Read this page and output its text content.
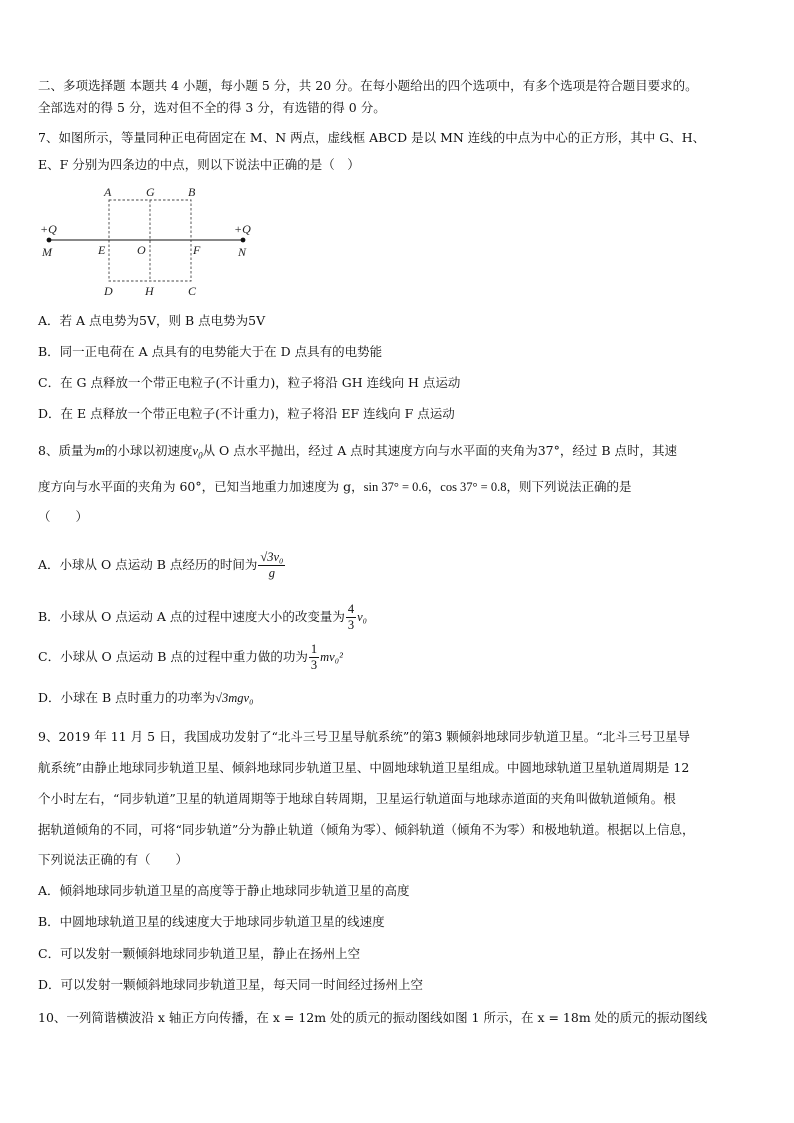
二、多项选择题 本题共 4 小题，每小题 5 分，共 20 分。在每小题给出的四个选项中，有多个选项是符合题目要求的。
全部选对的得 5 分，选对但不全的得 3 分，有选错的得 0 分。
7、如图所示，等量同种正电荷固定在 M、N 两点，虚线框 ABCD 是以 MN 连线的中点为中心的正方形，其中 G、H、
E、F 分别为四条边的中点，则以下说法中正确的是（　）
A	G	B
E	O	F
D	H	C
+Q	+Q
M	N
A．若 A 点电势为5V，则 B 点电势为5V
B．同一正电荷在 A 点具有的电势能大于在 D 点具有的电势能
C．在 G 点释放一个带正电粒子(不计重力)，粒子将沿 GH 连线向 H 点运动
D．在 E 点释放一个带正电粒子(不计重力)，粒子将沿 EF 连线向 F 点运动
8、质量为m的小球以初速度$v_0$从 O 点水平抛出，经过 A 点时其速度方向与水平面的夹角为37°，经过 B 点时，其速
度方向与水平面的夹角为 60°，已知当地重力加速度为 g，sin 37° = 0.6，cos 37° = 0.8，则下列说法正确的是
（　　）
A．小球从 O 点运动 B 点经历的时间为 $\frac{\text{√3v₀}}{g}$
B．小球从 O 点运动 A 点的过程中速度大小的改变量为 $\frac{4}{3} v_0$
C．小球从 O 点运动 B 点的过程中重力做的功为 $\frac{1}{3} mv_0^2$
D．小球在 B 点时重力的功率为√3mgv₀
9、2019 年 11 月 5 日，我国成功发射了“北斗三号卫星导航系统”的第3 颗倾斜地球同步轨道卫星。“北斗三号卫星导
航系统”由静止地球同步轨道卫星、倾斜地球同步轨道卫星、中圆地球轨道卫星组成。中圆地球轨道卫星轨道周期是 12
个小时左右，“同步轨道”卫星的轨道周期等于地球自转周期，卫星运行轨道面与地球赤道面的夹角叫做轨道倾角。根
据轨道倾角的不同，可将“同步轨道”分为静止轨道（倾角为零）、倾斜轨道（倾角不为零）和极地轨道。根据以上信息，
下列说法正确的有（　　）
A．倾斜地球同步轨道卫星的高度等于静止地球同步轨道卫星的高度
B．中圆地球轨道卫星的线速度大于地球同步轨道卫星的线速度
C．可以发射一颗倾斜地球同步轨道卫星，静止在扬州上空
D．可以发射一颗倾斜地球同步轨道卫星，每天同一时间经过扬州上空
10、一列简谐横波沿 x 轴正方向传播，在 x = 12m 处的质元的振动图线如图 1 所示，在 x = 18m 处的质元的振动图线
